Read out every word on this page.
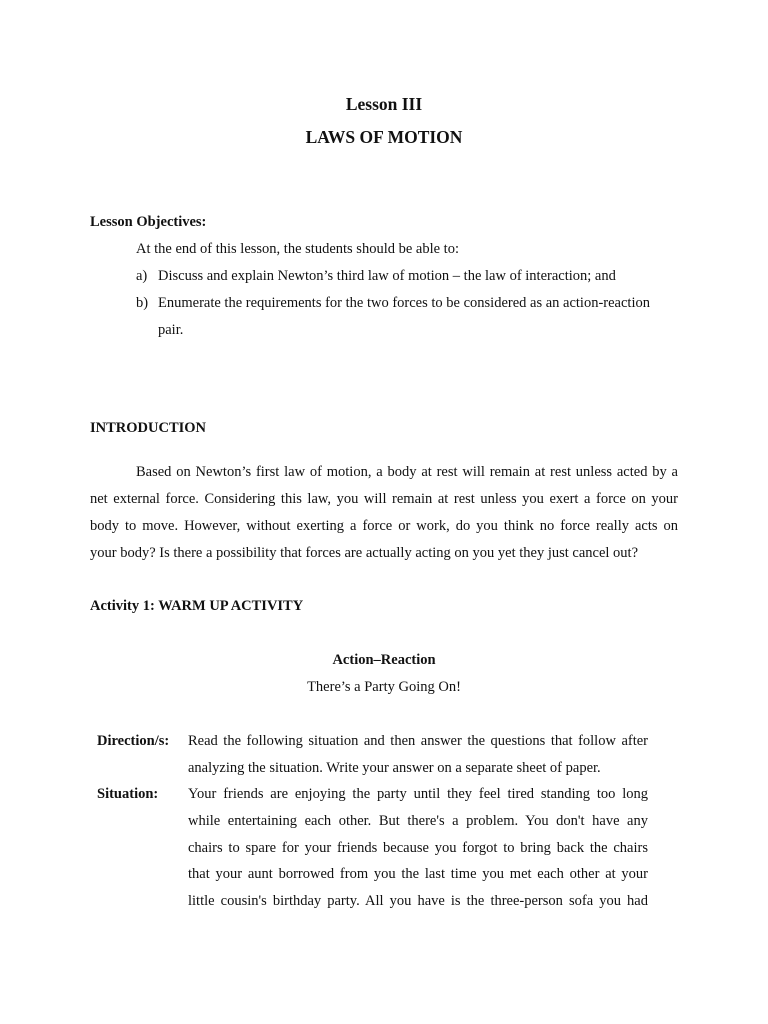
Lesson III
LAWS OF MOTION
Lesson Objectives:
At the end of this lesson, the students should be able to:
a) Discuss and explain Newton’s third law of motion – the law of interaction; and
b) Enumerate the requirements for the two forces to be considered as an action-reaction
pair.
INTRODUCTION
Based on Newton’s first law of motion, a body at rest will remain at rest unless acted by a
net external force. Considering this law, you will remain at rest unless you exert a force on your
body to move. However, without exerting a force or work, do you think no force really acts on
your body? Is there a possibility that forces are actually acting on you yet they just cancel out?
Activity 1: WARM UP ACTIVITY
Action–Reaction
There’s a Party Going On!
Direction/s: Read the following situation and then answer the questions that follow after
analyzing the situation. Write your answer on a separate sheet of paper.
Situation: Your friends are enjoying the party until they feel tired standing too long
while entertaining each other. But there's a problem. You don't have any
chairs to spare for your friends because you forgot to bring back the chairs
that your aunt borrowed from you the last time you met each other at your
little cousin's birthday party. All you have is the three-person sofa you had
